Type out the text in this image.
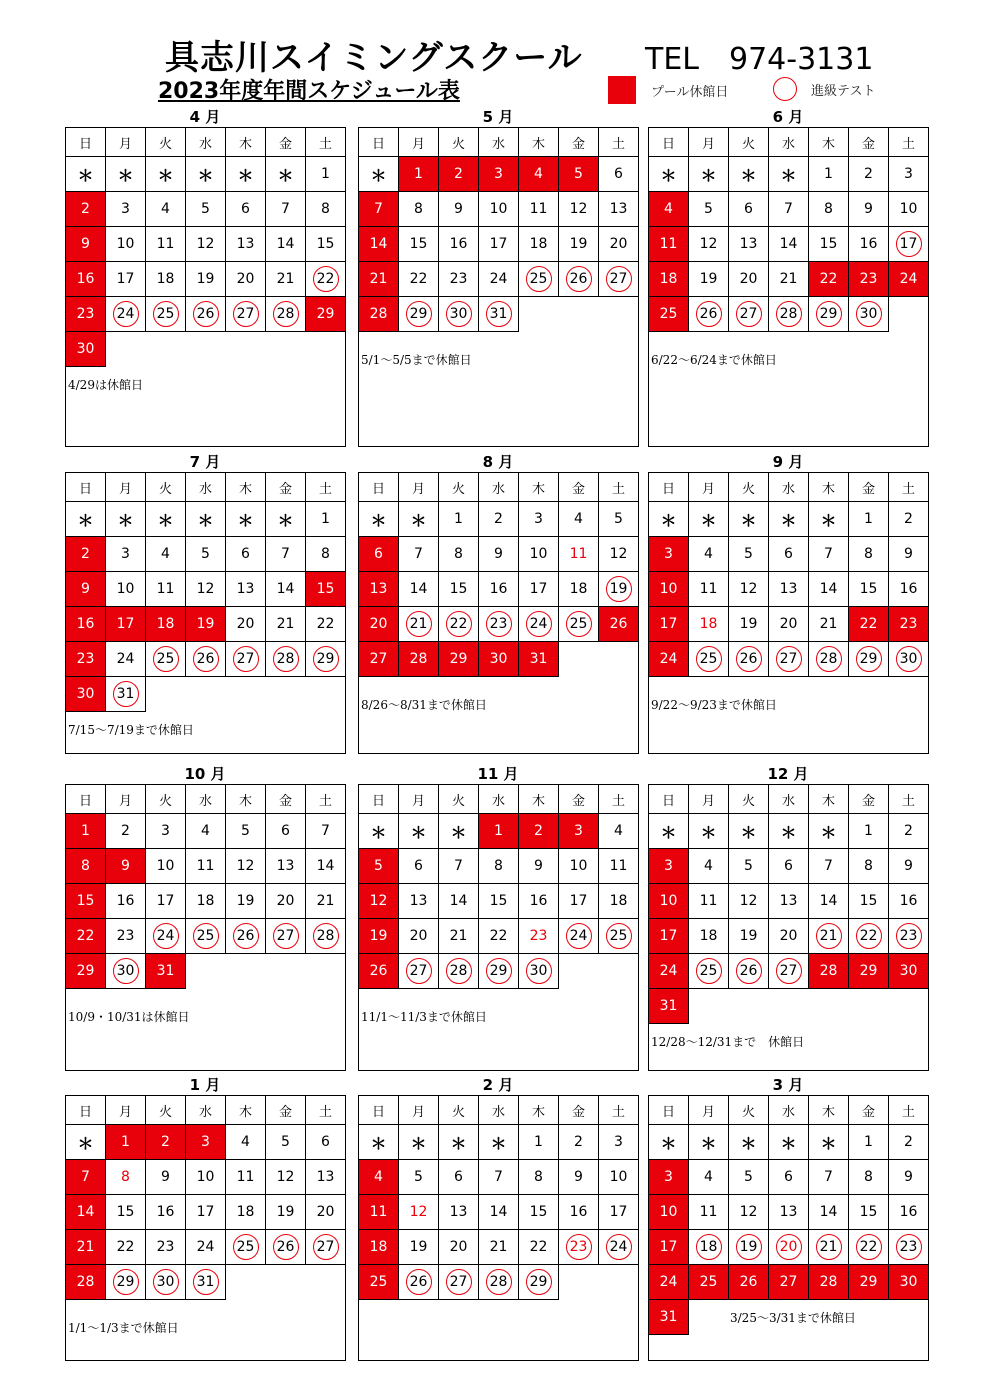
具志川スイミングスクール TEL　974-3131
2023年度年間スケジュール表	プール休館日	進級テスト
4 月
日	月	火	水	木	金	土
＊ ＊ ＊ ＊ ＊ ＊ 1
2 3 4 5 6 7 8
9 10 11 12 13 14 15
16 17 18 19 20 21 22
23 24 25 26 27 28 29
30
4/29は休館日
5 月
日	月	火	水	木	金	土
＊ 1 2 3 4 5 6
7 8 9 10 11 12 13
14 15 16 17 18 19 20
21 22 23 24 25 26 27
28 29 30 31
5/1～5/5まで休館日
6 月
日	月	火	水	木	金	土
＊ ＊ ＊ ＊ 1 2 3
4 5 6 7 8 9 10
11 12 13 14 15 16 17
18 19 20 21 22 23 24
25 26 27 28 29 30
6/22～6/24まで休館日
7 月
日	月	火	水	木	金	土
＊ ＊ ＊ ＊ ＊ ＊ 1
2 3 4 5 6 7 8
9 10 11 12 13 14 15
16 17 18 19 20 21 22
23 24 25 26 27 28 29
30 31
7/15～7/19まで休館日
8 月
日	月	火	水	木	金	土
＊ ＊ 1 2 3 4 5
6 7 8 9 10 11 12
13 14 15 16 17 18 19
20 21 22 23 24 25 26
27 28 29 30 31
8/26～8/31まで休館日
9 月
日	月	火	水	木	金	土
＊ ＊ ＊ ＊ ＊ 1 2
3 4 5 6 7 8 9
10 11 12 13 14 15 16
17 18 19 20 21 22 23
24 25 26 27 28 29 30
9/22～9/23まで休館日
10 月
日	月	火	水	木	金	土
1 2 3 4 5 6 7
8 9 10 11 12 13 14
15 16 17 18 19 20 21
22 23 24 25 26 27 28
29 30 31
10/9・10/31は休館日
11 月
日	月	火	水	木	金	土
＊ ＊ ＊ 1 2 3 4
5 6 7 8 9 10 11
12 13 14 15 16 17 18
19 20 21 22 23 24 25
26 27 28 29 30
11/1～11/3まで休館日
12 月
日	月	火	水	木	金	土
＊ ＊ ＊ ＊ ＊ 1 2
3 4 5 6 7 8 9
10 11 12 13 14 15 16
17 18 19 20 21 22 23
24 25 26 27 28 29 30
31
12/28～12/31まで　休館日
1 月
日	月	火	水	木	金	土
＊ 1 2 3 4 5 6
7 8 9 10 11 12 13
14 15 16 17 18 19 20
21 22 23 24 25 26 27
28 29 30 31
1/1～1/3まで休館日
2 月
日	月	火	水	木	金	土
＊ ＊ ＊ ＊ 1 2 3
4 5 6 7 8 9 10
11 12 13 14 15 16 17
18 19 20 21 22 23 24
25 26 27 28 29
3 月
日	月	火	水	木	金	土
＊ ＊ ＊ ＊ ＊ 1 2
3 4 5 6 7 8 9
10 11 12 13 14 15 16
17 18 19 20 21 22 23
24 25 26 27 28 29 30
31	3/25～3/31まで休館日
